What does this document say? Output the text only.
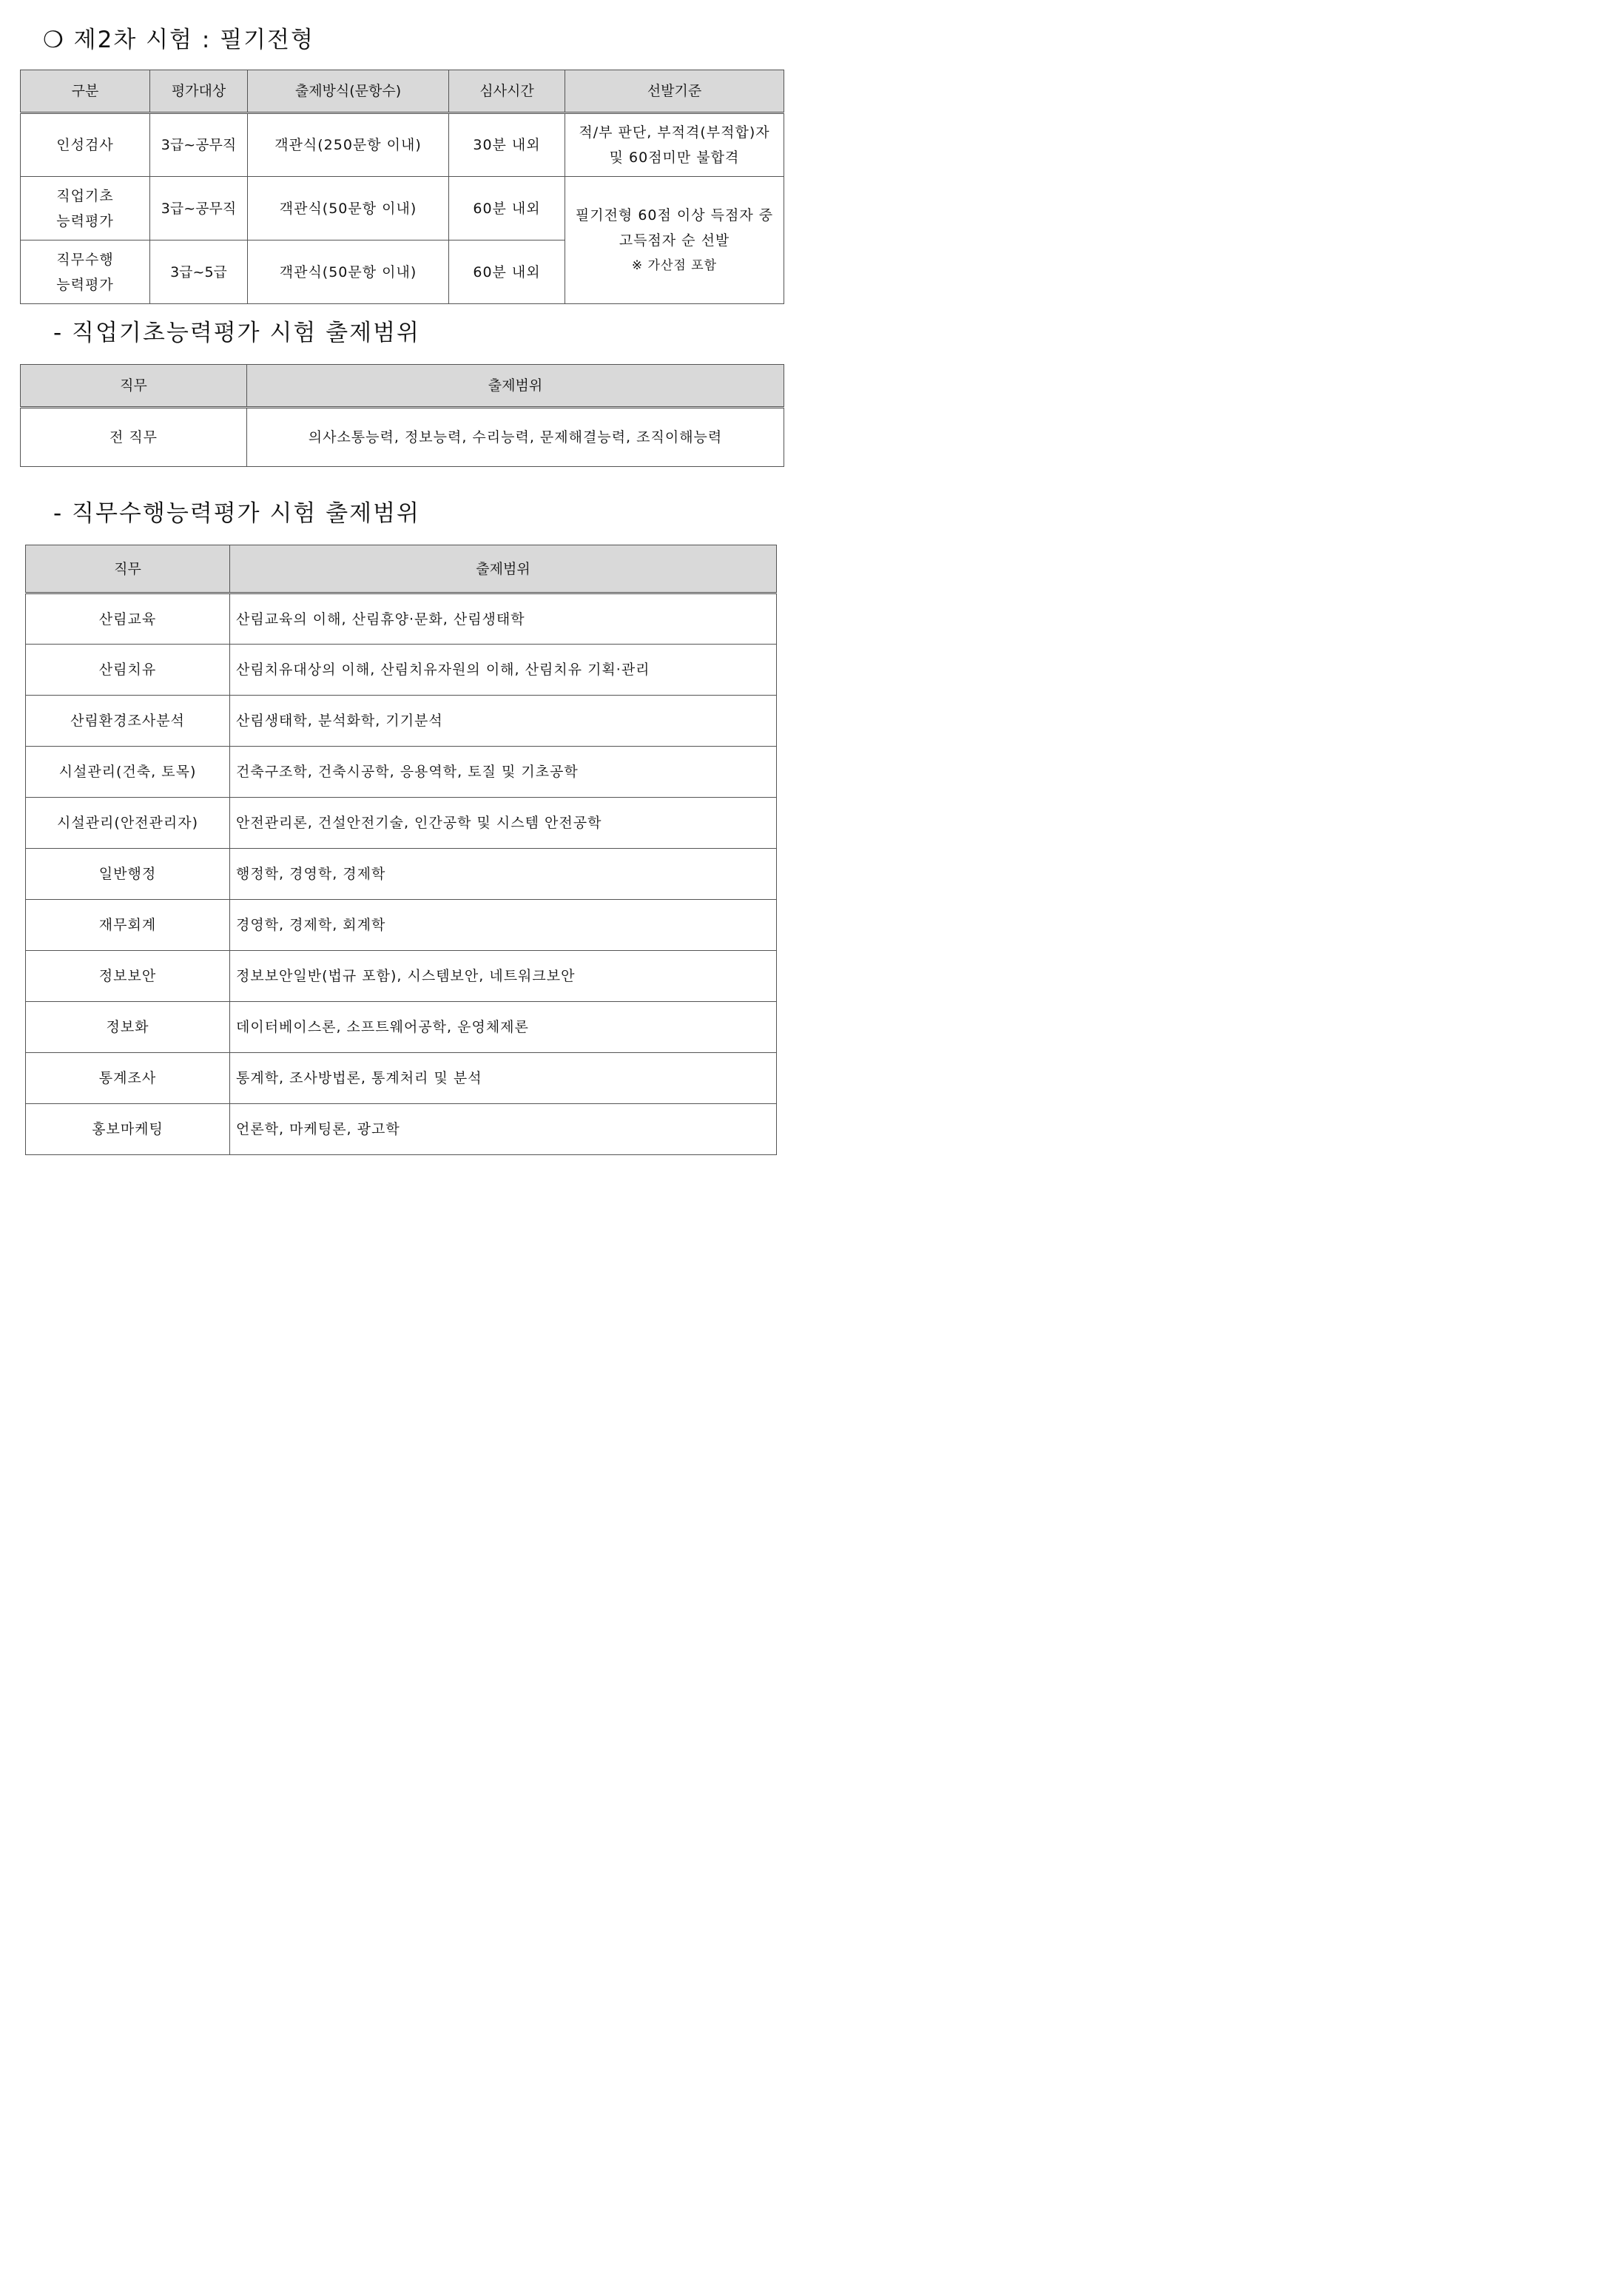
❍ 제2차 시험 : 필기전형
구분	평가대상	출제방식(문항수)	심사시간	선발기준
인성검사	3급~공무직	객관식(250문항 이내)	30분 내외	적/부 판단, 부적격(부적합)자
및 60점미만 불합격

직업기초
능력평가	3급~공무직	객관식(50문항 이내)	60분 내외	필기전형 60점 이상 득점자 중
고득점자 순 선발
※ 가산점 포함

직무수행
능력평가	3급~5급	객관식(50문항 이내)	60분 내외	
- 직업기초능력평가 시험 출제범위
직무	출제범위
전 직무	의사소통능력, 정보능력, 수리능력, 문제해결능력, 조직이해능력
- 직무수행능력평가 시험 출제범위
직무	출제범위
산림교육	산림교육의 이해, 산림휴양·문화, 산림생태학
산림치유	산림치유대상의 이해, 산림치유자원의 이해, 산림치유 기획·관리
산림환경조사분석	산림생태학, 분석화학, 기기분석
시설관리(건축, 토목)	건축구조학, 건축시공학, 응용역학, 토질 및 기초공학
시설관리(안전관리자)	안전관리론, 건설안전기술, 인간공학 및 시스템 안전공학
일반행정	행정학, 경영학, 경제학
재무회계	경영학, 경제학, 회계학
정보보안	정보보안일반(법규 포함), 시스템보안, 네트워크보안
정보화	데이터베이스론, 소프트웨어공학, 운영체제론
통계조사	통계학, 조사방법론, 통계처리 및 분석
홍보마케팅	언론학, 마케팅론, 광고학
